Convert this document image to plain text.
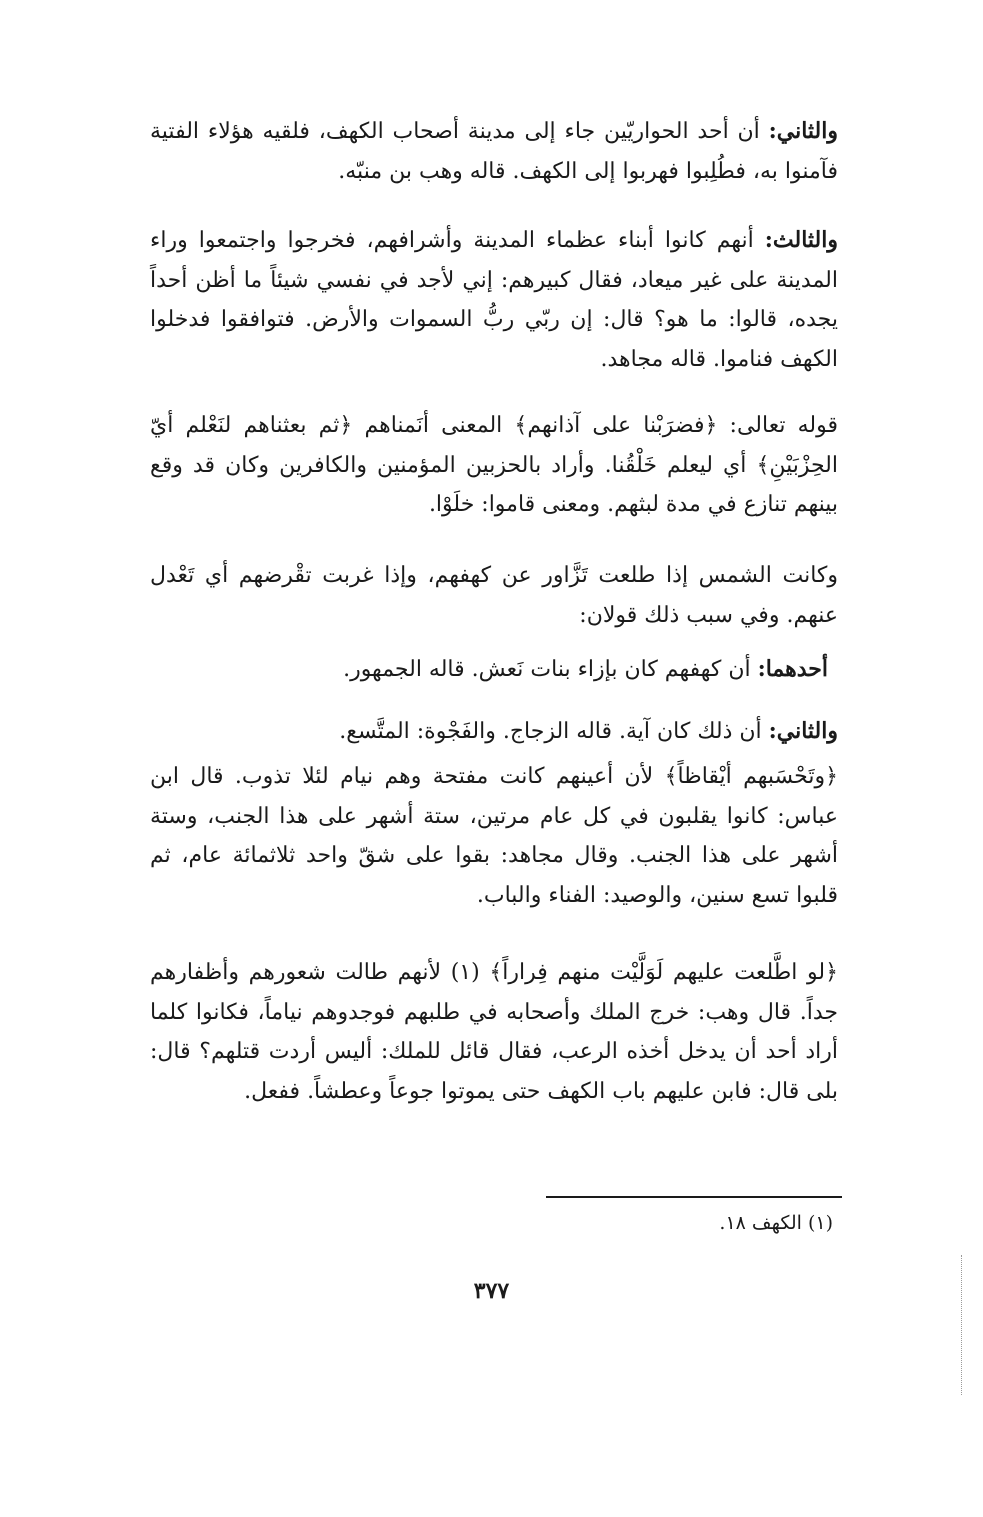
والثاني: أن أحد الحواريّين جاء إلى مدينة أصحاب الكهف، فلقيه هؤلاء الفتية فآمنوا به، فطُلِبوا فهربوا إلى الكهف. قاله وهب بن منبّه.

والثالث: أنهم كانوا أبناء عظماء المدينة وأشرافهم، فخرجوا واجتمعوا وراء المدينة على غير ميعاد، فقال كبيرهم: إني لأجد في نفسي شيئاً ما أظن أحداً يجده، قالوا: ما هو؟ قال: إن ربّي ربُّ السموات والأرض. فتوافقوا فدخلوا الكهف فناموا. قاله مجاهد.

قوله تعالى: ﴿فضرَبْنا على آذانهم﴾ المعنى أنَمناهم ﴿ثم بعثناهم لنَعْلم أيّ الحِزْبَيْنِ﴾ أي ليعلم خَلْقُنا. وأراد بالحزبين المؤمنين والكافرين وكان قد وقع بينهم تنازع في مدة لبثهم. ومعنى قاموا: خلَوْا.

وكانت الشمس إذا طلعت تَزَّاور عن كهفهم، وإذا غربت تقْرضهم أي تَعْدل عنهم. وفي سبب ذلك قولان:

أحدهما: أن كهفهم كان بإزاء بنات نَعش. قاله الجمهور.

والثاني: أن ذلك كان آية. قاله الزجاج. والفَجْوة: المتَّسع.

﴿وتَحْسَبهم أيْقاظاً﴾ لأن أعينهم كانت مفتحة وهم نيام لئلا تذوب. قال ابن عباس: كانوا يقلبون في كل عام مرتين، ستة أشهر على هذا الجنب، وستة أشهر على هذا الجنب. وقال مجاهد: بقوا على شقّ واحد ثلاثمائة عام، ثم قلبوا تسع سنين، والوصيد: الفناء والباب.

﴿لو اطَّلعت عليهم لَوَلَّيْت منهم فِراراً﴾ (١) لأنهم طالت شعورهم وأظفارهم جداً. قال وهب: خرج الملك وأصحابه في طلبهم فوجدوهم نياماً، فكانوا كلما أراد أحد أن يدخل أخذه الرعب، فقال قائل للملك: أليس أردت قتلهم؟ قال: بلى قال: فابن عليهم باب الكهف حتى يموتوا جوعاً وعطشاً. ففعل.

(١) الكهف ١٨.
٣٧٧
